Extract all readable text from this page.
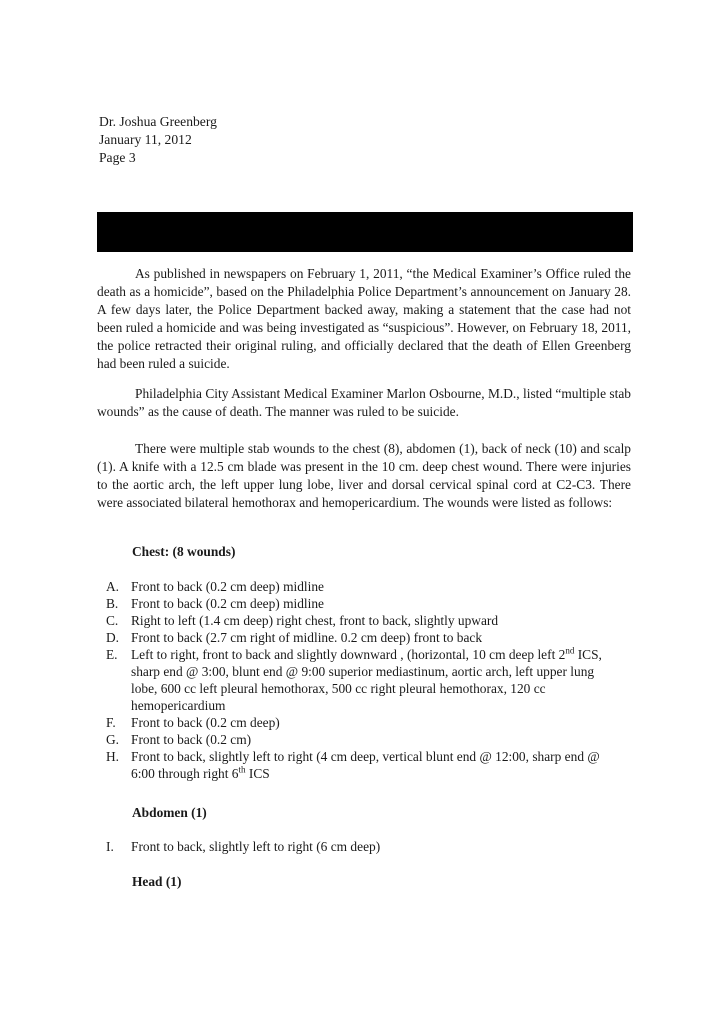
Dr. Joshua Greenberg
January 11, 2012
Page 3

As published in newspapers on February 1, 2011, “the Medical Examiner’s Office ruled the death as a homicide”, based on the Philadelphia Police Department’s announcement on January 28. A few days later, the Police Department backed away, making a statement that the case had not been ruled a homicide and was being investigated as “suspicious”. However, on February 18, 2011, the police retracted their original ruling, and officially declared that the death of Ellen Greenberg had been ruled a suicide.

Philadelphia City Assistant Medical Examiner Marlon Osbourne, M.D., listed “multiple stab wounds” as the cause of death. The manner was ruled to be suicide.

There were multiple stab wounds to the chest (8), abdomen (1), back of neck (10) and scalp (1). A knife with a 12.5 cm blade was present in the 10 cm. deep chest wound. There were injuries to the aortic arch, the left upper lung lobe, liver and dorsal cervical spinal cord at C2-C3. There were associated bilateral hemothorax and hemopericardium. The wounds were listed as follows:

Chest: (8 wounds)
A. Front to back (0.2 cm deep) midline
B. Front to back (0.2 cm deep) midline
C. Right to left (1.4 cm deep) right chest, front to back, slightly upward
D. Front to back (2.7 cm right of midline. 0.2 cm deep) front to back
E. Left to right, front to back and slightly downward , (horizontal, 10 cm deep left 2nd ICS, sharp end @ 3:00, blunt end @ 9:00 superior mediastinum, aortic arch, left upper lung lobe, 600 cc left pleural hemothorax, 500 cc right pleural hemothorax, 120 cc hemopericardium
F. Front to back (0.2 cm deep)
G. Front to back (0.2 cm)
H. Front to back, slightly left to right (4 cm deep, vertical blunt end @ 12:00, sharp end @ 6:00 through right 6th ICS
Abdomen (1)
I. Front to back, slightly left to right (6 cm deep)
Head (1)
